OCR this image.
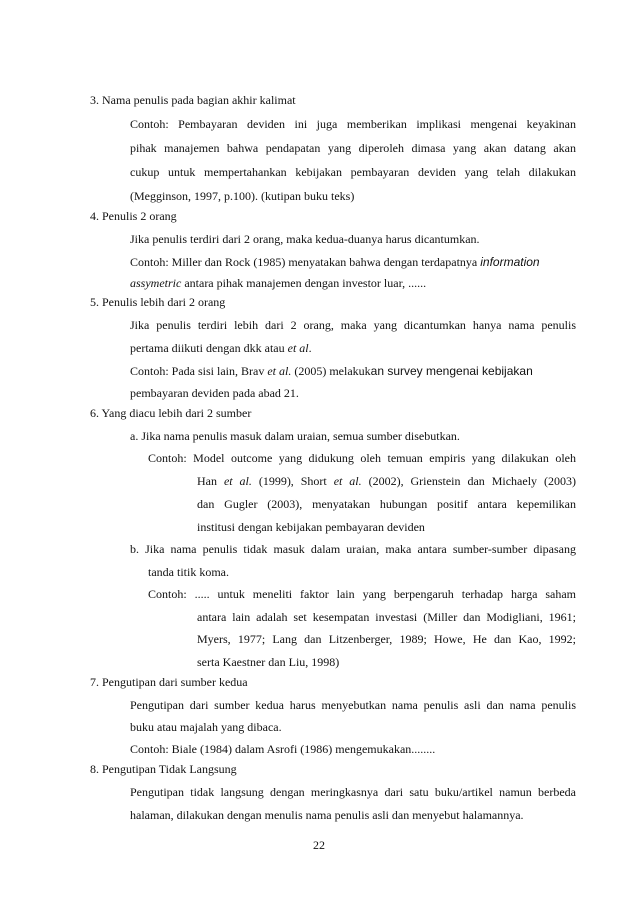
3. Nama penulis pada bagian akhir kalimat
Contoh: Pembayaran deviden ini juga memberikan implikasi mengenai keyakinan
pihak manajemen bahwa pendapatan yang diperoleh dimasa yang akan datang akan
cukup untuk mempertahankan kebijakan pembayaran deviden yang telah dilakukan
(Megginson, 1997, p.100). (kutipan buku teks)
4. Penulis 2 orang
Jika penulis terdiri dari 2 orang, maka kedua-duanya harus dicantumkan.
Contoh: Miller dan Rock (1985) menyatakan bahwa dengan terdapatnya information
assymetric antara pihak manajemen dengan investor luar, ......
5. Penulis lebih dari 2 orang
Jika penulis terdiri lebih dari 2 orang, maka yang dicantumkan hanya nama penulis
pertama diikuti dengan dkk atau et al.
Contoh: Pada sisi lain, Brav et al. (2005) melakukan survey mengenai kebijakan
pembayaran deviden pada abad 21.
6. Yang diacu lebih dari 2 sumber
a. Jika nama penulis masuk dalam uraian, semua sumber disebutkan.
Contoh: Model outcome yang didukung oleh temuan empiris yang dilakukan oleh
Han et al. (1999), Short et al. (2002), Grienstein dan Michaely (2003)
dan Gugler (2003), menyatakan hubungan positif antara kepemilikan
institusi dengan kebijakan pembayaran deviden
b. Jika nama penulis tidak masuk dalam uraian, maka antara sumber-sumber dipasang
tanda titik koma.
Contoh: ..... untuk meneliti faktor lain yang berpengaruh terhadap harga saham
antara lain adalah set kesempatan investasi (Miller dan Modigliani, 1961;
Myers, 1977; Lang dan Litzenberger, 1989; Howe, He dan Kao, 1992;
serta Kaestner dan Liu, 1998)
7. Pengutipan dari sumber kedua
Pengutipan dari sumber kedua harus menyebutkan nama penulis asli dan nama penulis
buku atau majalah yang dibaca.
Contoh: Biale (1984) dalam Asrofi (1986) mengemukakan........
8. Pengutipan Tidak Langsung
Pengutipan tidak langsung dengan meringkasnya dari satu buku/artikel namun berbeda
halaman, dilakukan dengan menulis nama penulis asli dan menyebut halamannya.
22
